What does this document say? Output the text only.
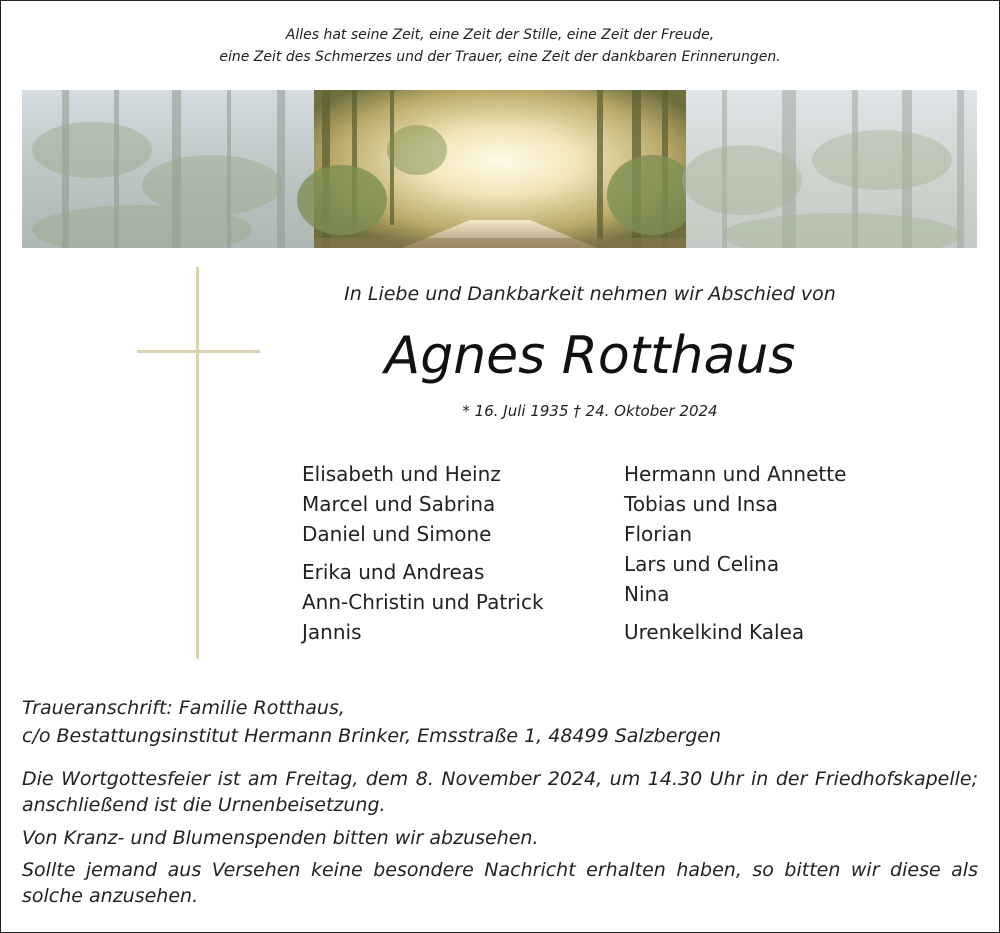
Alles hat seine Zeit, eine Zeit der Stille, eine Zeit der Freude,
eine Zeit des Schmerzes und der Trauer, eine Zeit der dankbaren Erinnerungen.
In Liebe und Dankbarkeit nehmen wir Abschied von
Agnes Rotthaus
* 16. Juli 1935 † 24. Oktober 2024
Elisabeth und Heinz
Marcel und Sabrina
Daniel und Simone
Erika und Andreas
Ann-Christin und Patrick
Jannis
Hermann und Annette
Tobias und Insa
Florian
Lars und Celina
Nina
Urenkelkind Kalea
Traueranschrift: Familie Rotthaus,
c/o Bestattungsinstitut Hermann Brinker, Emsstraße 1, 48499 Salzbergen
Die Wortgottesfeier ist am Freitag, dem 8. November 2024, um 14.30 Uhr in der Friedhofskapelle; anschließend ist die Urnenbeisetzung.
Von Kranz- und Blumenspenden bitten wir abzusehen.
Sollte jemand aus Versehen keine besondere Nachricht erhalten haben, so bitten wir diese als solche anzusehen.
